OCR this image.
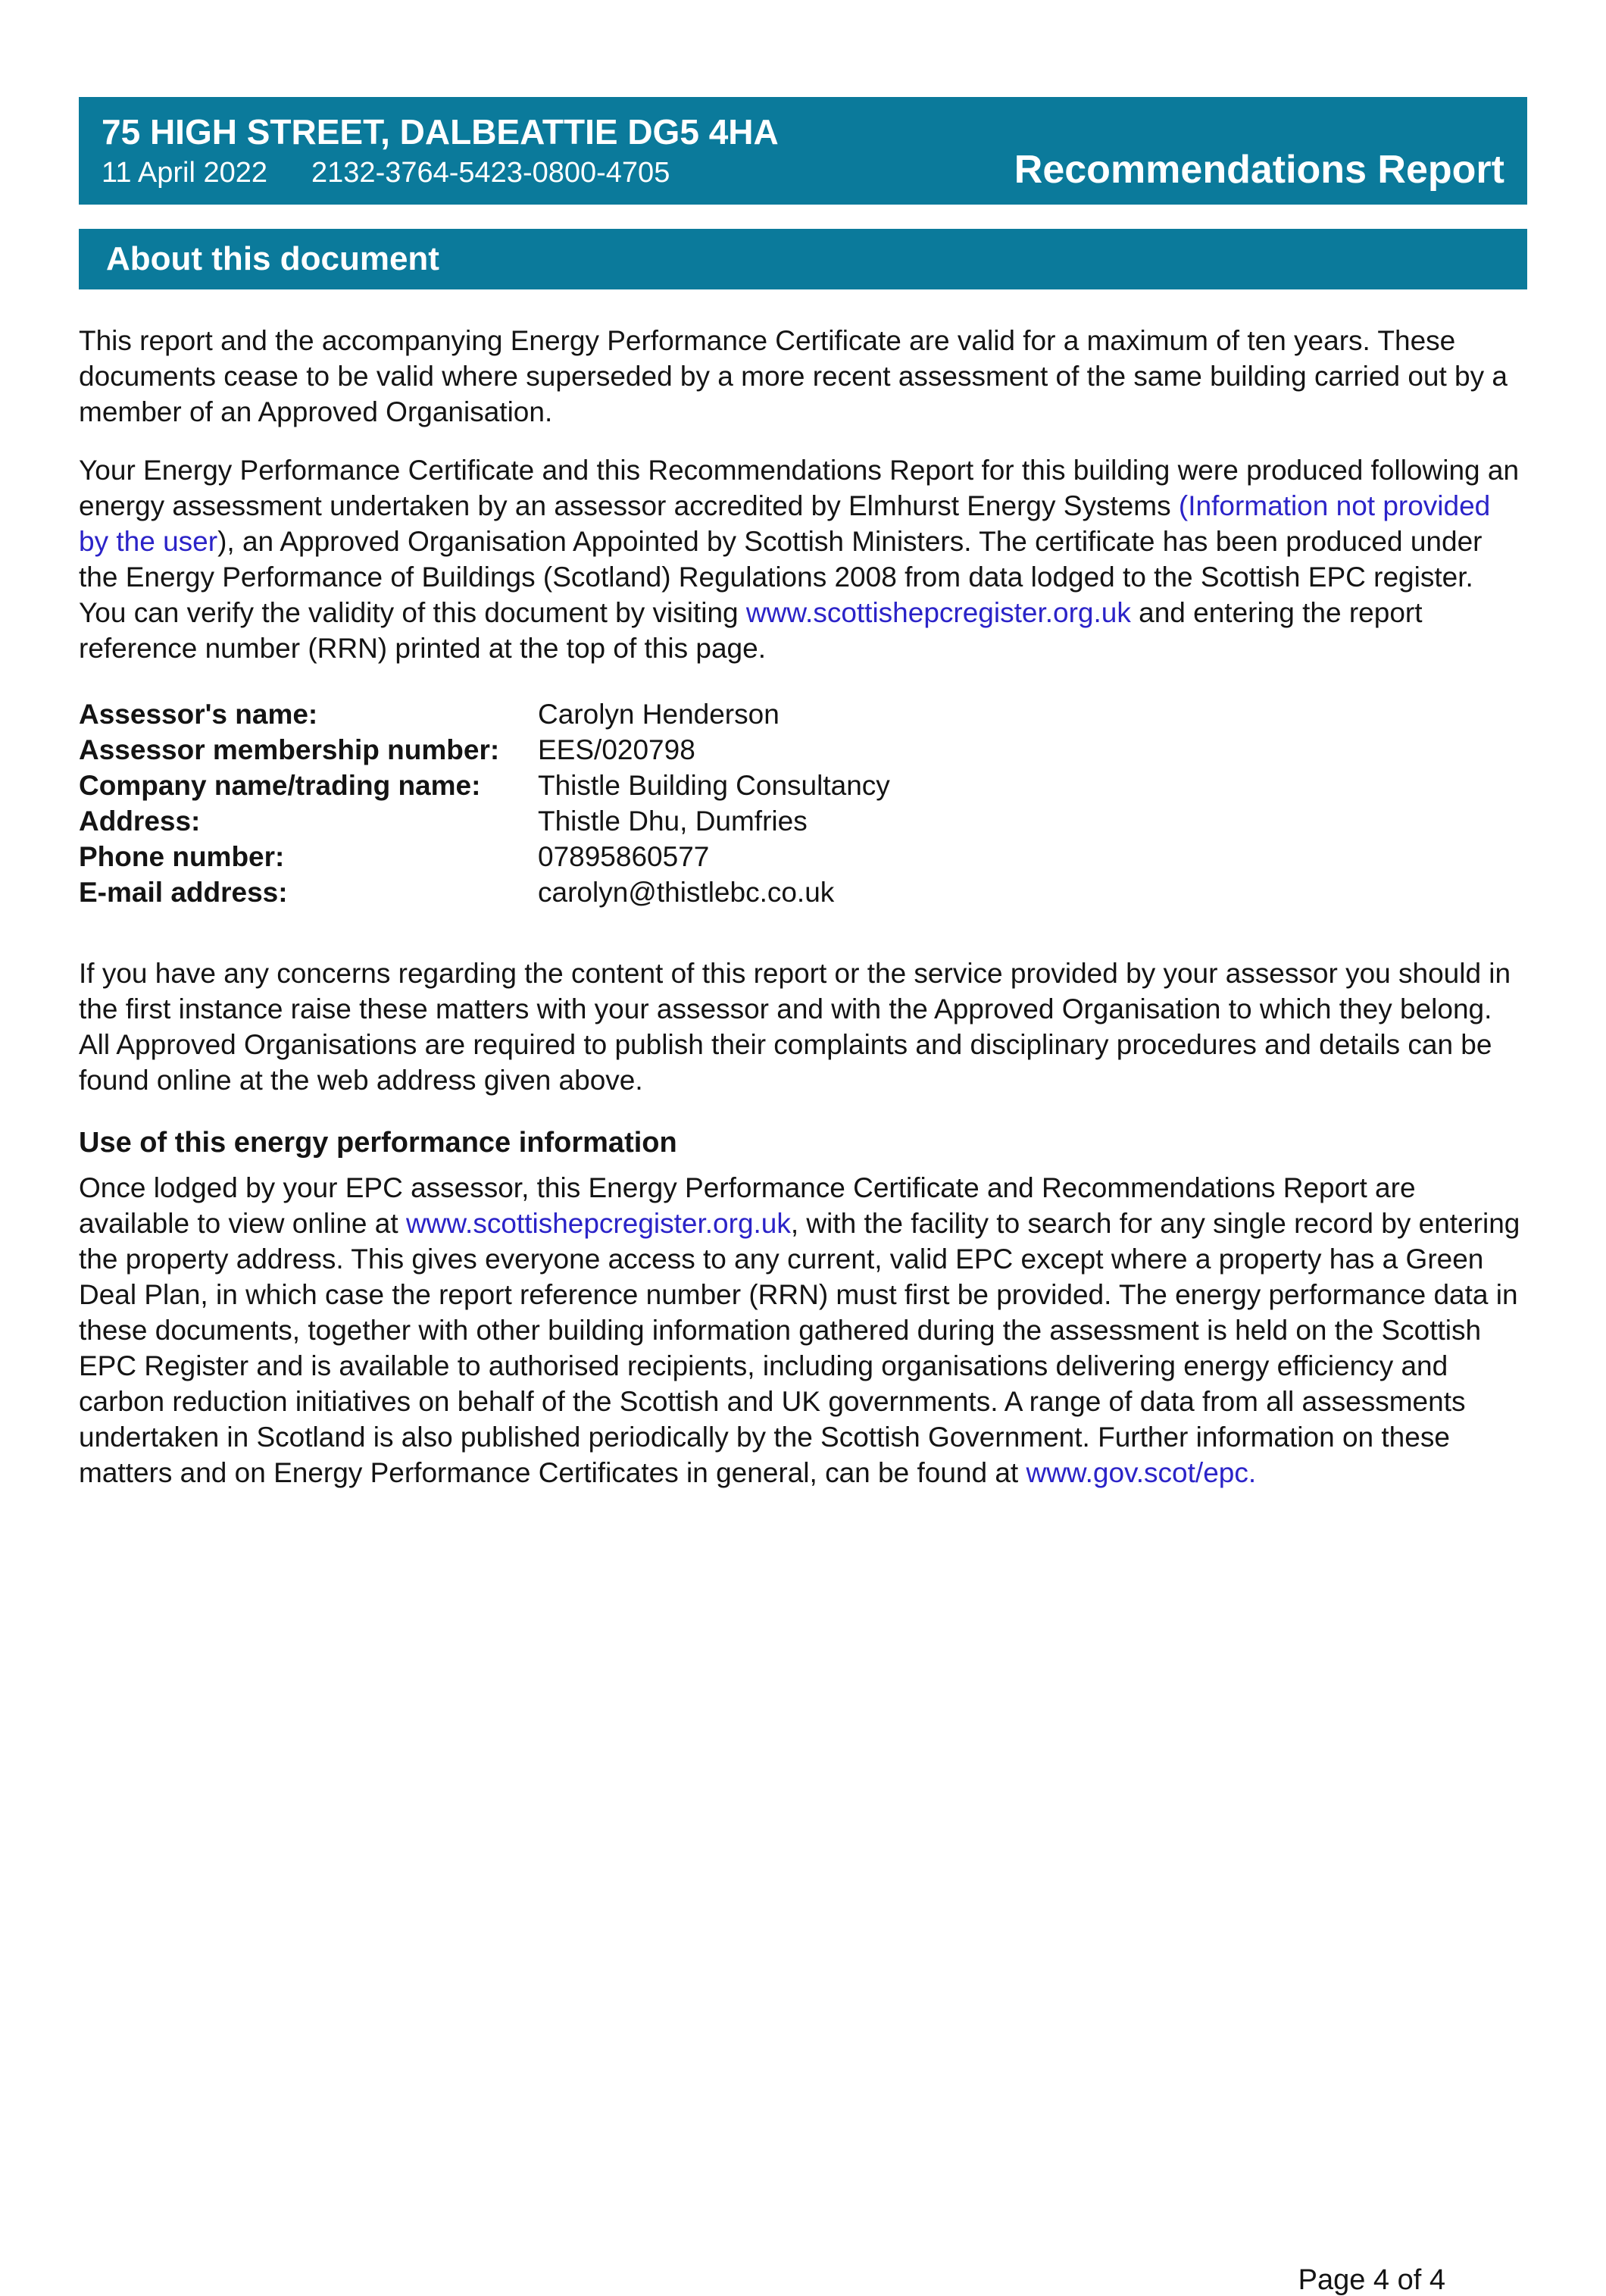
75 HIGH STREET, DALBEATTIE DG5 4HA
11 April 2022 2132-3764-5423-0800-4705	Recommendations Report
About this document

This report and the accompanying Energy Performance Certificate are valid for a maximum of ten years. These documents cease to be valid where superseded by a more recent assessment of the same building carried out by a member of an Approved Organisation.

Your Energy Performance Certificate and this Recommendations Report for this building were produced following an energy assessment undertaken by an assessor accredited by Elmhurst Energy Systems (Information not provided by the user), an Approved Organisation Appointed by Scottish Ministers. The certificate has been produced under the Energy Performance of Buildings (Scotland) Regulations 2008 from data lodged to the Scottish EPC register. You can verify the validity of this document by visiting www.scottishepcregister.org.uk and entering the report reference number (RRN) printed at the top of this page.

Assessor's name:	Carolyn Henderson
Assessor membership number:	EES/020798
Company name/trading name:	Thistle Building Consultancy
Address:	Thistle Dhu, Dumfries
Phone number:	07895860577
E-mail address:	carolyn@thistlebc.co.uk

If you have any concerns regarding the content of this report or the service provided by your assessor you should in the first instance raise these matters with your assessor and with the Approved Organisation to which they belong. All Approved Organisations are required to publish their complaints and disciplinary procedures and details can be found online at the web address given above.

Use of this energy performance information

Once lodged by your EPC assessor, this Energy Performance Certificate and Recommendations Report are available to view online at www.scottishepcregister.org.uk, with the facility to search for any single record by entering the property address. This gives everyone access to any current, valid EPC except where a property has a Green Deal Plan, in which case the report reference number (RRN) must first be provided. The energy performance data in these documents, together with other building information gathered during the assessment is held on the Scottish EPC Register and is available to authorised recipients, including organisations delivering energy efficiency and carbon reduction initiatives on behalf of the Scottish and UK governments. A range of data from all assessments undertaken in Scotland is also published periodically by the Scottish Government. Further information on these matters and on Energy Performance Certificates in general, can be found at www.gov.scot/epc.

Page 4 of 4
